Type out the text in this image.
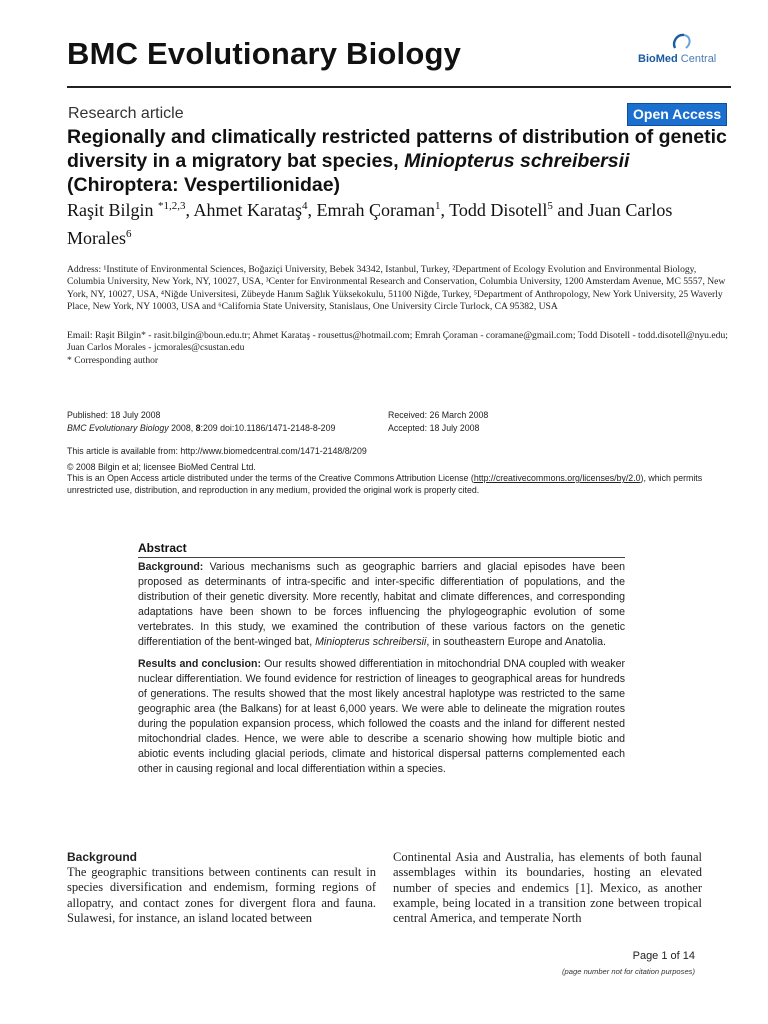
BMC Evolutionary Biology	BioMed Central
Research article	Open Access
Regionally and climatically restricted patterns of distribution of genetic diversity in a migratory bat species, Miniopterus schreibersii (Chiroptera: Vespertilionidae)
Raşit Bilgin $^{*1,2,3}$, Ahmet Karataş$^4$, Emrah Çoraman$^1$, Todd Disotell$^5$ and Juan Carlos Morales$^6$
Address: ¹Institute of Environmental Sciences, Boğaziçi University, Bebek 34342, Istanbul, Turkey, ²Department of Ecology Evolution and Environmental Biology, Columbia University, New York, NY, 10027, USA, ³Center for Environmental Research and Conservation, Columbia University, 1200 Amsterdam Avenue, MC 5557, New York, NY, 10027, USA, ⁴Niğde Universitesi, Zübeyde Hanım Sağlık Yüksekokulu, 51100 Niğde, Turkey, ⁵Department of Anthropology, New York University, 25 Waverly Place, New York, NY 10003, USA and ⁶California State University, Stanislaus, One University Circle Turlock, CA 95382, USA
Email: Raşit Bilgin* - rasit.bilgin@boun.edu.tr; Ahmet Karataş - rousettus@hotmail.com; Emrah Çoraman - coramane@gmail.com; Todd Disotell - todd.disotell@nyu.edu; Juan Carlos Morales - jcmorales@csustan.edu
* Corresponding author
Published: 18 July 2008
BMC Evolutionary Biology 2008, 8:209 doi:10.1186/1471-2148-8-209
Received: 26 March 2008
Accepted: 18 July 2008
This article is available from: http://www.biomedcentral.com/1471-2148/8/209
© 2008 Bilgin et al; licensee BioMed Central Ltd.
This is an Open Access article distributed under the terms of the Creative Commons Attribution License (http://creativecommons.org/licenses/by/2.0), which permits unrestricted use, distribution, and reproduction in any medium, provided the original work is properly cited.
Abstract

Background: Various mechanisms such as geographic barriers and glacial episodes have been proposed as determinants of intra-specific and inter-specific differentiation of populations, and the distribution of their genetic diversity. More recently, habitat and climate differences, and corresponding adaptations have been shown to be forces influencing the phylogeographic evolution of some vertebrates. In this study, we examined the contribution of these various factors on the genetic differentiation of the bent-winged bat, Miniopterus schreibersii, in southeastern Europe and Anatolia.

Results and conclusion: Our results showed differentiation in mitochondrial DNA coupled with weaker nuclear differentiation. We found evidence for restriction of lineages to geographical areas for hundreds of generations. The results showed that the most likely ancestral haplotype was restricted to the same geographic area (the Balkans) for at least 6,000 years. We were able to delineate the migration routes during the population expansion process, which followed the coasts and the inland for different nested mitochondrial clades. Hence, we were able to describe a scenario showing how multiple biotic and abiotic events including glacial periods, climate and historical dispersal patterns complemented each other in causing regional and local differentiation within a species.

Background

The geographic transitions between continents can result in species diversification and endemism, forming regions of allopatry, and contact zones for divergent flora and fauna. Sulawesi, for instance, an island located between

Continental Asia and Australia, has elements of both faunal assemblages within its boundaries, hosting an elevated number of species and endemics [1]. Mexico, as another example, being located in a transition zone between tropical central America, and temperate North

Page 1 of 14
(page number not for citation purposes)
